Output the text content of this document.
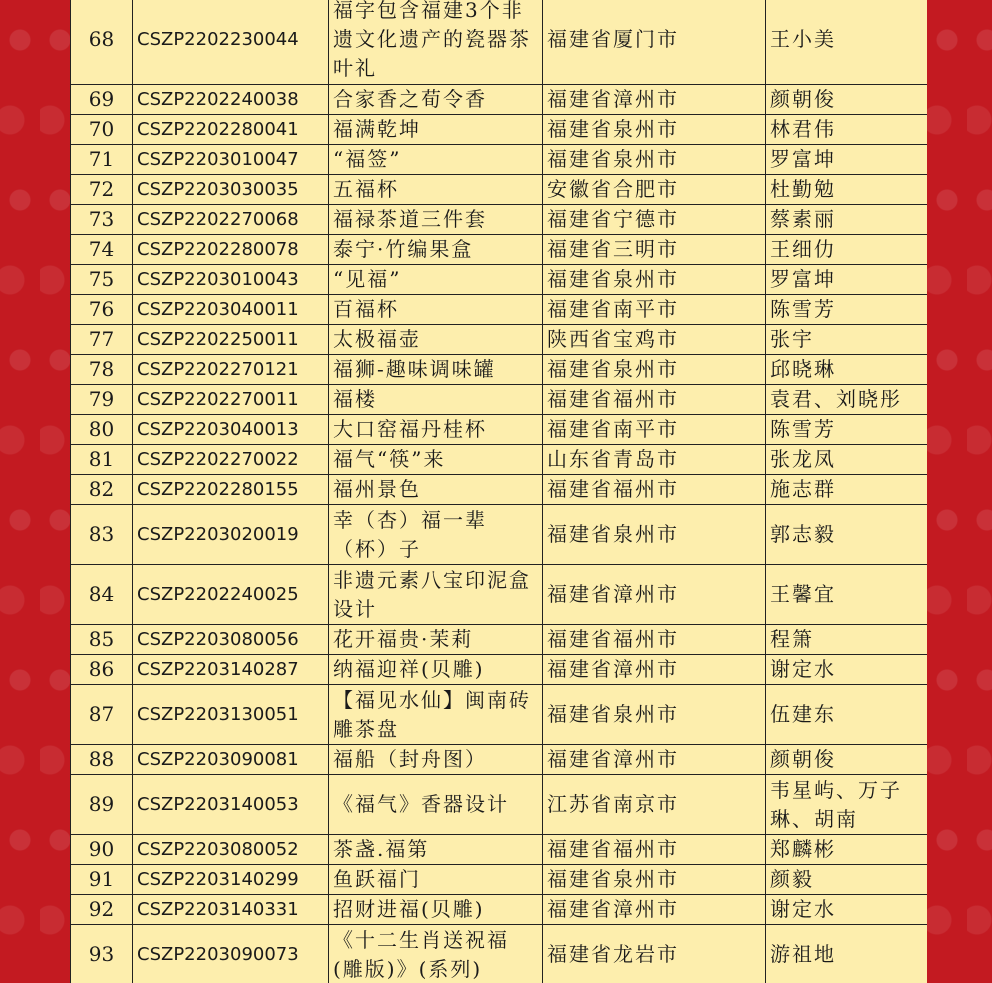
68	CSZP2202230044	福字包含福建3个非遗文化遗产的瓷器茶叶礼	福建省厦门市	王小美
69	CSZP2202240038	合家香之荀令香	福建省漳州市	颜朝俊
70	CSZP2202280041	福满乾坤	福建省泉州市	林君伟
71	CSZP2203010047	“福签”	福建省泉州市	罗富坤
72	CSZP2203030035	五福杯	安徽省合肥市	杜勤勉
73	CSZP2202270068	福禄茶道三件套	福建省宁德市	蔡素丽
74	CSZP2202280078	泰宁·竹编果盒	福建省三明市	王细仂
75	CSZP2203010043	“见福”	福建省泉州市	罗富坤
76	CSZP2203040011	百福杯	福建省南平市	陈雪芳
77	CSZP2202250011	太极福壶	陕西省宝鸡市	张宇
78	CSZP2202270121	福狮-趣味调味罐	福建省泉州市	邱晓琳
79	CSZP2202270011	福楼	福建省福州市	袁君、刘晓彤
80	CSZP2203040013	大口窑福丹桂杯	福建省南平市	陈雪芳
81	CSZP2202270022	福气“筷”来	山东省青岛市	张龙凤
82	CSZP2202280155	福州景色	福建省福州市	施志群
83	CSZP2203020019	幸（杏）福一辈（杯）子	福建省泉州市	郭志毅
84	CSZP2202240025	非遗元素八宝印泥盒设计	福建省漳州市	王馨宜
85	CSZP2203080056	花开福贵·茉莉	福建省福州市	程箫
86	CSZP2203140287	纳福迎祥(贝雕)	福建省漳州市	谢定水
87	CSZP2203130051	【福见水仙】闽南砖雕茶盘	福建省泉州市	伍建东
88	CSZP2203090081	福船（封舟图）	福建省漳州市	颜朝俊
89	CSZP2203140053	《福气》香器设计	江苏省南京市	韦星屿、万子琳、胡南
90	CSZP2203080052	茶盏.福第	福建省福州市	郑麟彬
91	CSZP2203140299	鱼跃福门	福建省泉州市	颜毅
92	CSZP2203140331	招财进福(贝雕)	福建省漳州市	谢定水
93	CSZP2203090073	《十二生肖送祝福(雕版)》(系列)	福建省龙岩市	游祖地
